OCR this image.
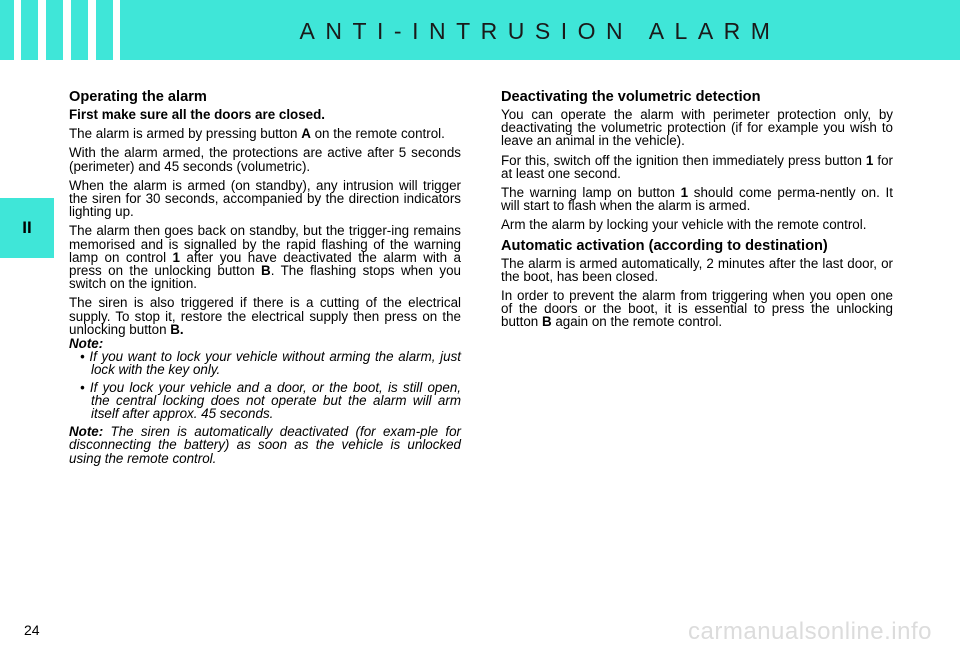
ANTI-INTRUSION ALARM
II
Operating the alarm
First make sure all the doors are closed.
The alarm is armed by pressing button A on the remote control.
With the alarm armed, the protections are active after 5 seconds (perimeter) and 45 seconds (volumetric).
When the alarm is armed (on standby), any intrusion will trigger the siren for 30 seconds, accompanied by the direction indicators lighting up.
The alarm then goes back on standby, but the trigger-ing remains memorised and is signalled by the rapid flashing of the warning lamp on control 1 after you have deactivated the alarm with a press on the unlocking button B. The flashing stops when you switch on the ignition.
The siren is also triggered if there is a cutting of the electrical supply. To stop it, restore the electrical supply then press on the unlocking button B.
Note:
• If you want to lock your vehicle without arming the alarm, just lock with the key only.
• If you lock your vehicle and a door, or the boot, is still open, the central locking does not operate but the alarm will arm itself after approx. 45 seconds.
Note: The siren is automatically deactivated (for exam-ple for disconnecting the battery) as soon as the vehicle is unlocked using the remote control.
Deactivating the volumetric detection
You can operate the alarm with perimeter protection only, by deactivating the volumetric protection (if for example you wish to leave an animal in the vehicle).
For this, switch off the ignition then immediately press button 1 for at least one second.
The warning lamp on button 1 should come perma-nently on. It will start to flash when the alarm is armed.
Arm the alarm by locking your vehicle with the remote control.
Automatic activation (according to destination)
The alarm is armed automatically, 2 minutes after the last door, or the boot, has been closed.
In order to prevent the alarm from triggering when you open one of the doors or the boot, it is essential to press the unlocking button B again on the remote control.
24	carmanualsonline.info
